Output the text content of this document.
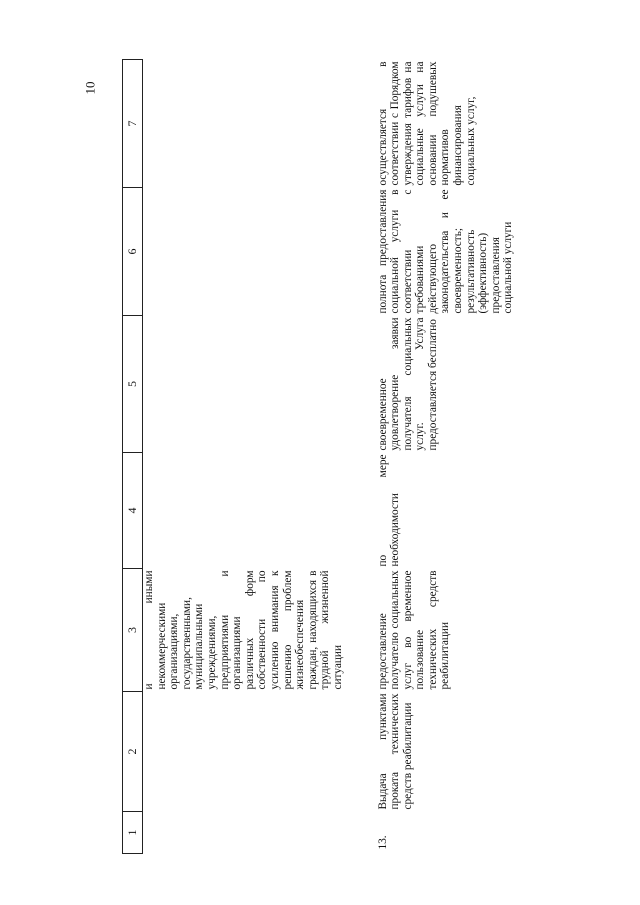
10
1	2	3	4	5	6	7
		и иными некоммерческими организациями, государственными, муниципальными учреждениями, предприятиями и организациями различных форм собственности по усилению внимания к решению проблем жизнеобеспечения граждан, находящихся в трудной жизненной ситуации				

13.	Выдача пунктами проката технических средств реабилитации	предоставление получателю социальных услуг во временное пользование технических средств реабилитации	по мере необходимости	своевременное удовлетворение заявки получателя социальных услуг. Услуга предоставляется бесплатно	полнота предоставления социальной услуги в соответствии с требованиями действующего законодательства и ее своевременность; результативность (эффективность) предоставления социальной услуги	осуществляется в соответствии с Порядком утверждения тарифов на социальные услуги на основании подушевых нормативов финансирования социальных услуг,
